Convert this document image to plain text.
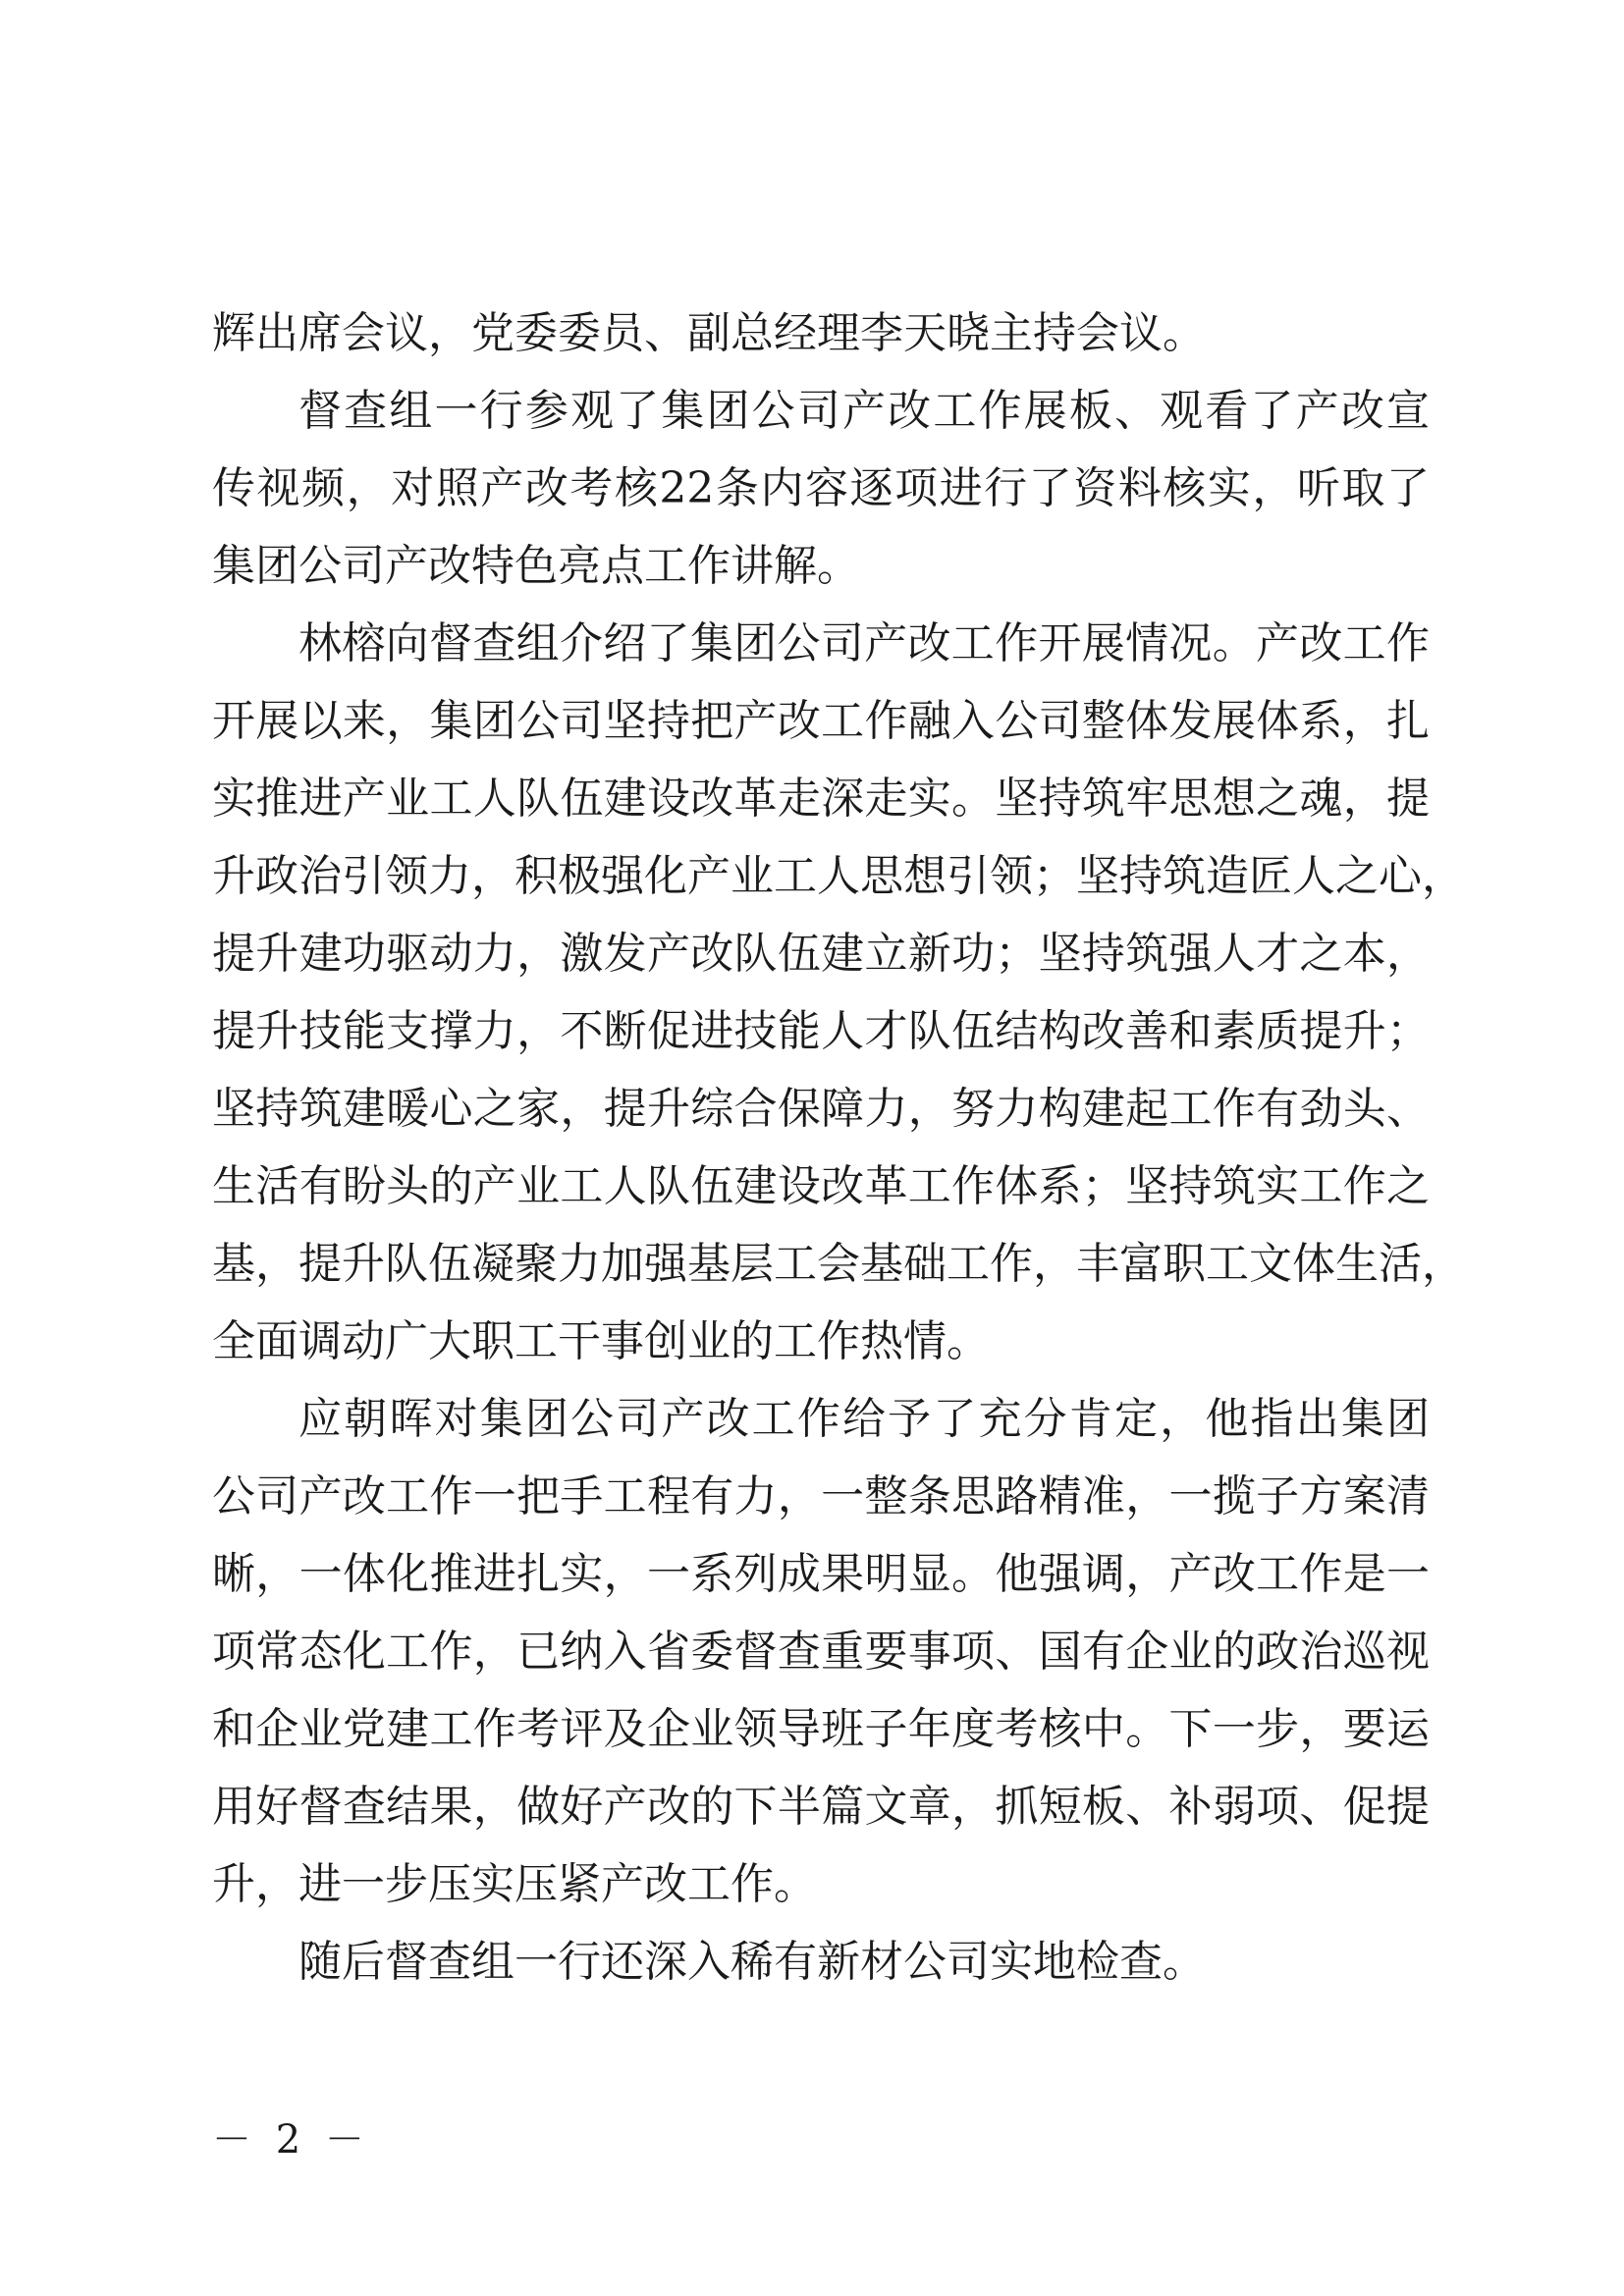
辉出席会议，党委委员、副总经理李天晓主持会议。
督查组一行参观了集团公司产改工作展板、观看了产改宣
传视频，对照产改考核22条内容逐项进行了资料核实，听取了
集团公司产改特色亮点工作讲解。
林榕向督查组介绍了集团公司产改工作开展情况。产改工作
开展以来，集团公司坚持把产改工作融入公司整体发展体系，扎
实推进产业工人队伍建设改革走深走实。坚持筑牢思想之魂，提
升政治引领力，积极强化产业工人思想引领；坚持筑造匠人之心，
提升建功驱动力，激发产改队伍建立新功；坚持筑强人才之本，
提升技能支撑力，不断促进技能人才队伍结构改善和素质提升；
坚持筑建暖心之家，提升综合保障力，努力构建起工作有劲头、
生活有盼头的产业工人队伍建设改革工作体系；坚持筑实工作之
基，提升队伍凝聚力加强基层工会基础工作，丰富职工文体生活，
全面调动广大职工干事创业的工作热情。
应朝晖对集团公司产改工作给予了充分肯定，他指出集团
公司产改工作一把手工程有力，一整条思路精准，一揽子方案清
晰，一体化推进扎实，一系列成果明显。他强调，产改工作是一
项常态化工作，已纳入省委督查重要事项、国有企业的政治巡视
和企业党建工作考评及企业领导班子年度考核中。下一步，要运
用好督查结果，做好产改的下半篇文章，抓短板、补弱项、促提
升，进一步压实压紧产改工作。
随后督查组一行还深入稀有新材公司实地检查。
－ 2 －
